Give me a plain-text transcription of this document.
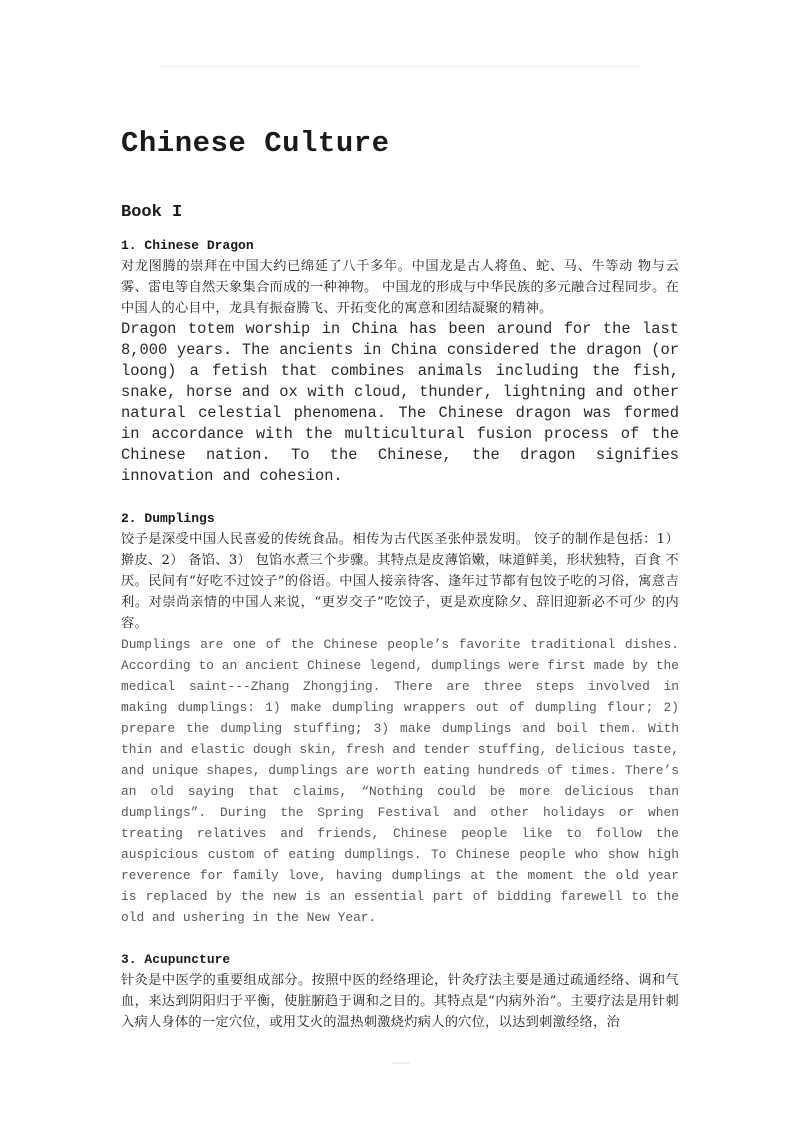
Chinese Culture
Book I
1. Chinese Dragon

对龙图腾的崇拜在中国大约已绵延了八千多年。中国龙是古人将鱼、蛇、马、牛等动 物与云雾、雷电等自然天象集合而成的一种神物。 中国龙的形成与中华民族的多元融合过程同步。在中国人的心目中，龙具有振奋腾飞、开拓变化的寓意和团结凝聚的精神。

Dragon totem worship in China has been around for the last 8,000 years. The ancients in China considered the dragon (or loong) a fetish that combines animals including the fish, snake, horse and ox with cloud, thunder, lightning and other natural celestial phenomena. The Chinese dragon was formed in accordance with the multicultural fusion process of the Chinese nation. To the Chinese, the dragon signifies innovation and cohesion.

2. Dumplings

饺子是深受中国人民喜爱的传统食品。相传为古代医圣张仲景发明。 饺子的制作是包括：1） 擀皮、2） 备馅、3） 包馅水煮三个步骤。其特点是皮薄馅嫩，味道鲜美，形状独特，百食 不厌。民间有“好吃不过饺子”的俗语。中国人接亲待客、逢年过节都有包饺子吃的习俗，寓意吉利。对崇尚亲情的中国人来说，“更岁交子”吃饺子，更是欢度除夕、辞旧迎新必不可少 的内容。

Dumplings are one of the Chinese people’s favorite traditional dishes. According to an ancient Chinese legend, dumplings were first made by the medical saint---Zhang Zhongjing. There are three steps involved in making dumplings: 1) make dumpling wrappers out of dumpling flour; 2) prepare the dumpling stuffing; 3) make dumplings and boil them. With thin and elastic dough skin, fresh and tender stuffing, delicious taste, and unique shapes, dumplings are worth eating hundreds of times. There’s an old saying that claims, “Nothing could be more delicious than dumplings”. During the Spring Festival and other holidays or when treating relatives and friends, Chinese people like to follow the auspicious custom of eating dumplings. To Chinese people who show high reverence for family love, having dumplings at the moment the old year is replaced by the new is an essential part of bidding farewell to the old and ushering in the New Year.

3. Acupuncture

针灸是中医学的重要组成部分。按照中医的经络理论，针灸疗法主要是通过疏通经络、调和气血，来达到阴阳归于平衡，使脏腑趋于调和之目的。其特点是“内病外治”。主要疗法是用针刺入病人身体的一定穴位，或用艾火的温热刺激烧灼病人的穴位，以达到刺激经络，治
